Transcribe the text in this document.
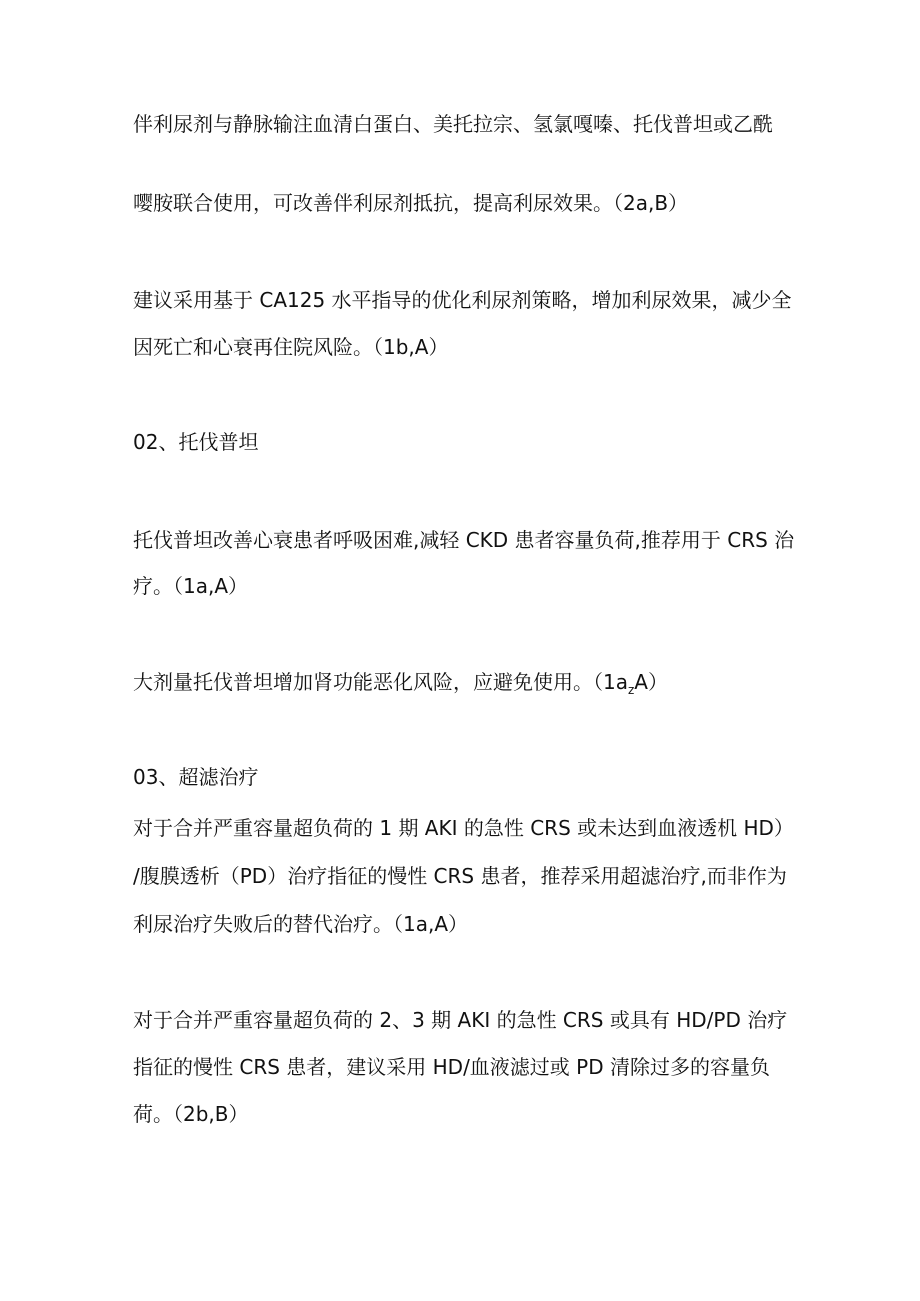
伴利尿剂与静脉输注血清白蛋白、美托拉宗、氢氯嘎嗪、托伐普坦或乙酰
嘤胺联合使用，可改善伴利尿剂抵抗，提高利尿效果。（2a,B）
建议采用基于 CA125 水平指导的优化利尿剂策略，增加利尿效果，减少全
因死亡和心衰再住院风险。（1b,A）
02、托伐普坦
托伐普坦改善心衰患者呼吸困难,减轻 CKD 患者容量负荷,推荐用于 CRS 治
疗。（1a,A）
大剂量托伐普坦增加肾功能恶化风险，应避免使用。$(1a_zA)$
03、超滤治疗
对于合并严重容量超负荷的 1 期 AKI 的急性 CRS 或未达到血液透机 HD）
/腹膜透析（PD）治疗指征的慢性 CRS 患者，推荐采用超滤治疗,而非作为
利尿治疗失败后的替代治疗。（1a,A）
对于合并严重容量超负荷的 2、3 期 AKI 的急性 CRS 或具有 HD/PD 治疗
指征的慢性 CRS 患者，建议采用 HD/血液滤过或 PD 清除过多的容量负
荷。（2b,B）
